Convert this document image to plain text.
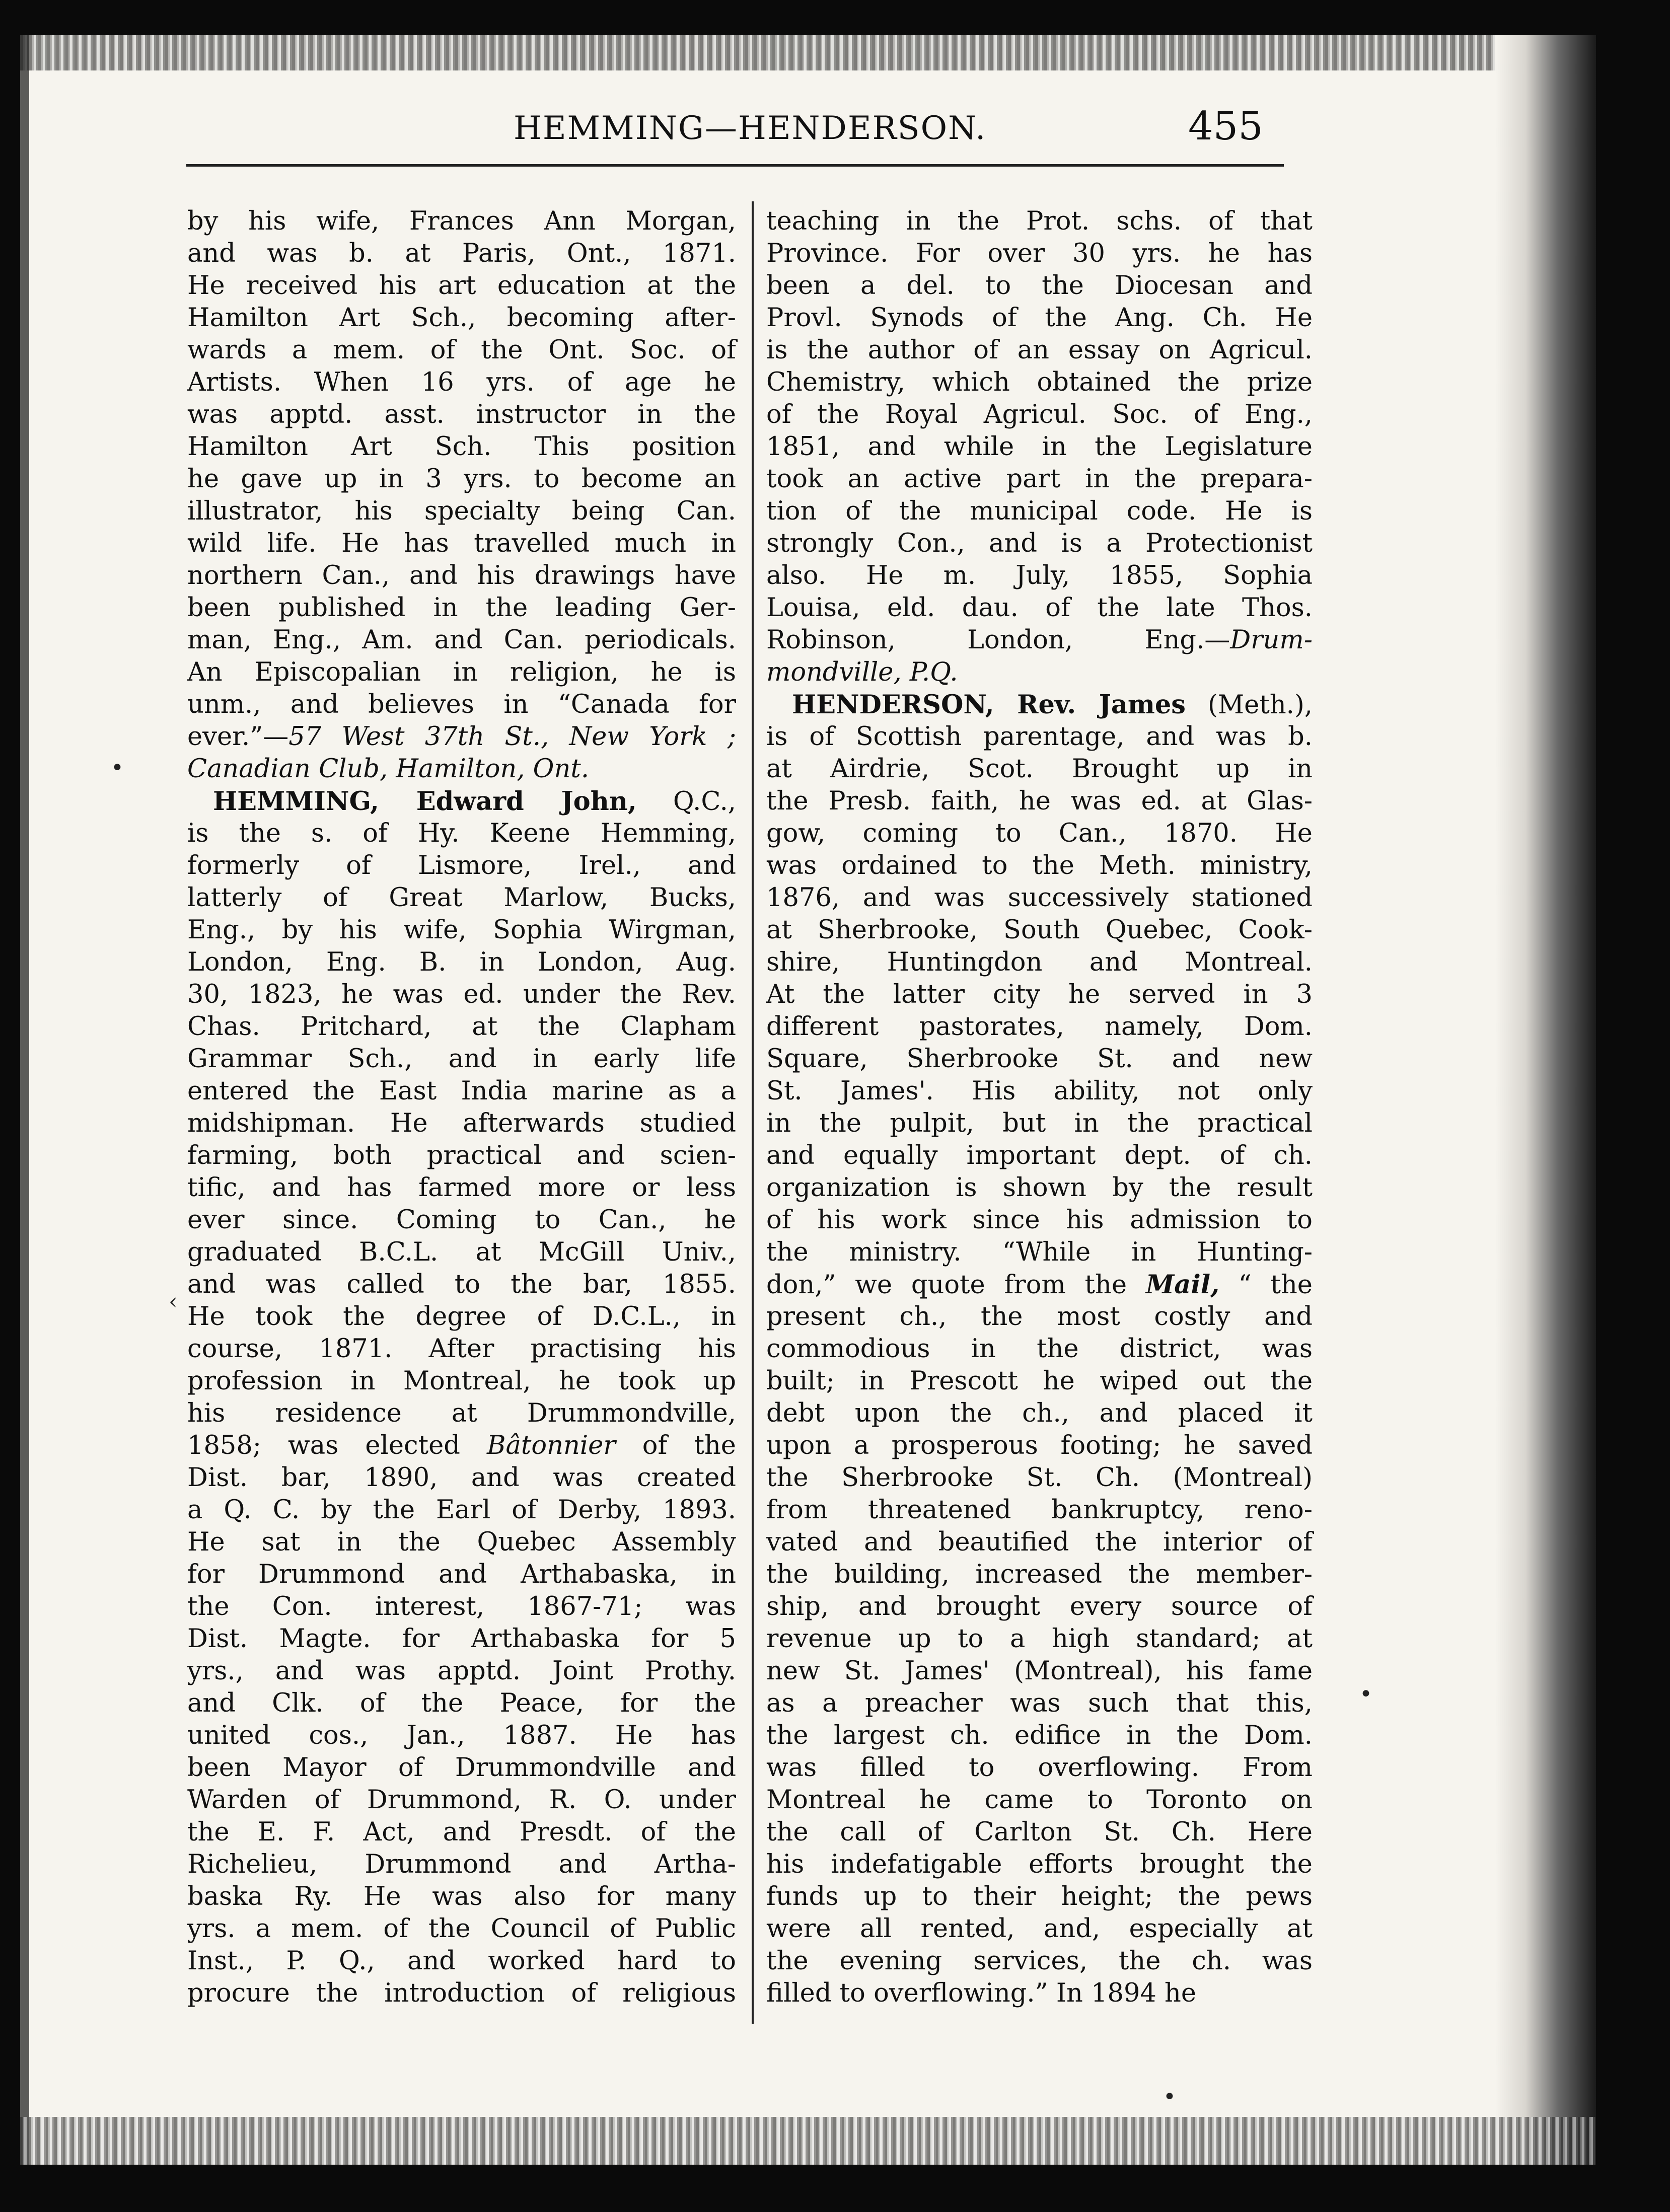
HEMMING—HENDERSON.	455
by his wife, Frances Ann Morgan,
and was b. at Paris, Ont., 1871.
He received his art education at the
Hamilton Art Sch., becoming after-
wards a mem. of the Ont. Soc. of
Artists. When 16 yrs. of age he
was apptd. asst. instructor in the
Hamilton Art Sch. This position
he gave up in 3 yrs. to become an
illustrator, his specialty being Can.
wild life. He has travelled much in
northern Can., and his drawings have
been published in the leading Ger-
man, Eng., Am. and Can. periodicals.
An Episcopalian in religion, he is
unm., and believes in “Canada for
ever.”—57 West 37th St., New York ;
Canadian Club, Hamilton, Ont.
 HEMMING, Edward John, Q.C.,
is the s. of Hy. Keene Hemming,
formerly of Lismore, Irel., and
latterly of Great Marlow, Bucks,
Eng., by his wife, Sophia Wirgman,
London, Eng. B. in London, Aug.
30, 1823, he was ed. under the Rev.
Chas. Pritchard, at the Clapham
Grammar Sch., and in early life
entered the East India marine as a
midshipman. He afterwards studied
farming, both practical and scien-
tific, and has farmed more or less
ever since. Coming to Can., he
graduated B.C.L. at McGill Univ.,
and was called to the bar, 1855.
He took the degree of D.C.L., in
course, 1871. After practising his
profession in Montreal, he took up
his residence at Drummondville,
1858; was elected Bâtonnier of the
Dist. bar, 1890, and was created
a Q. C. by the Earl of Derby, 1893.
He sat in the Quebec Assembly
for Drummond and Arthabaska, in
the Con. interest, 1867-71; was
Dist. Magte. for Arthabaska for 5
yrs., and was apptd. Joint Prothy.
and Clk. of the Peace, for the
united cos., Jan., 1887. He has
been Mayor of Drummondville and
Warden of Drummond, R. O. under
the E. F. Act, and Presdt. of the
Richelieu, Drummond and Artha-
baska Ry. He was also for many
yrs. a mem. of the Council of Public
Inst., P. Q., and worked hard to
procure the introduction of religious
teaching in the Prot. schs. of that
Province. For over 30 yrs. he has
been a del. to the Diocesan and
Provl. Synods of the Ang. Ch. He
is the author of an essay on Agricul.
Chemistry, which obtained the prize
of the Royal Agricul. Soc. of Eng.,
1851, and while in the Legislature
took an active part in the prepara-
tion of the municipal code. He is
strongly Con., and is a Protectionist
also. He m. July, 1855, Sophia
Louisa, eld. dau. of the late Thos.
Robinson, London, Eng.—Drum-
mondville, P.Q.
 HENDERSON, Rev. James (Meth.),
is of Scottish parentage, and was b.
at Airdrie, Scot. Brought up in
the Presb. faith, he was ed. at Glas-
gow, coming to Can., 1870. He
was ordained to the Meth. ministry,
1876, and was successively stationed
at Sherbrooke, South Quebec, Cook-
shire, Huntingdon and Montreal.
At the latter city he served in 3
different pastorates, namely, Dom.
Square, Sherbrooke St. and new
St. James'. His ability, not only
in the pulpit, but in the practical
and equally important dept. of ch.
organization is shown by the result
of his work since his admission to
the ministry. “While in Hunting-
don,” we quote from the Mail, “ the
present ch., the most costly and
commodious in the district, was
built; in Prescott he wiped out the
debt upon the ch., and placed it
upon a prosperous footing; he saved
the Sherbrooke St. Ch. (Montreal)
from threatened bankruptcy, reno-
vated and beautified the interior of
the building, increased the member-
ship, and brought every source of
revenue up to a high standard; at
new St. James' (Montreal), his fame
as a preacher was such that this,
the largest ch. edifice in the Dom.
was filled to overflowing. From
Montreal he came to Toronto on
the call of Carlton St. Ch. Here
his indefatigable efforts brought the
funds up to their height; the pews
were all rented, and, especially at
the evening services, the ch. was
filled to overflowing.” In 1894 he
•
‹
•
•
